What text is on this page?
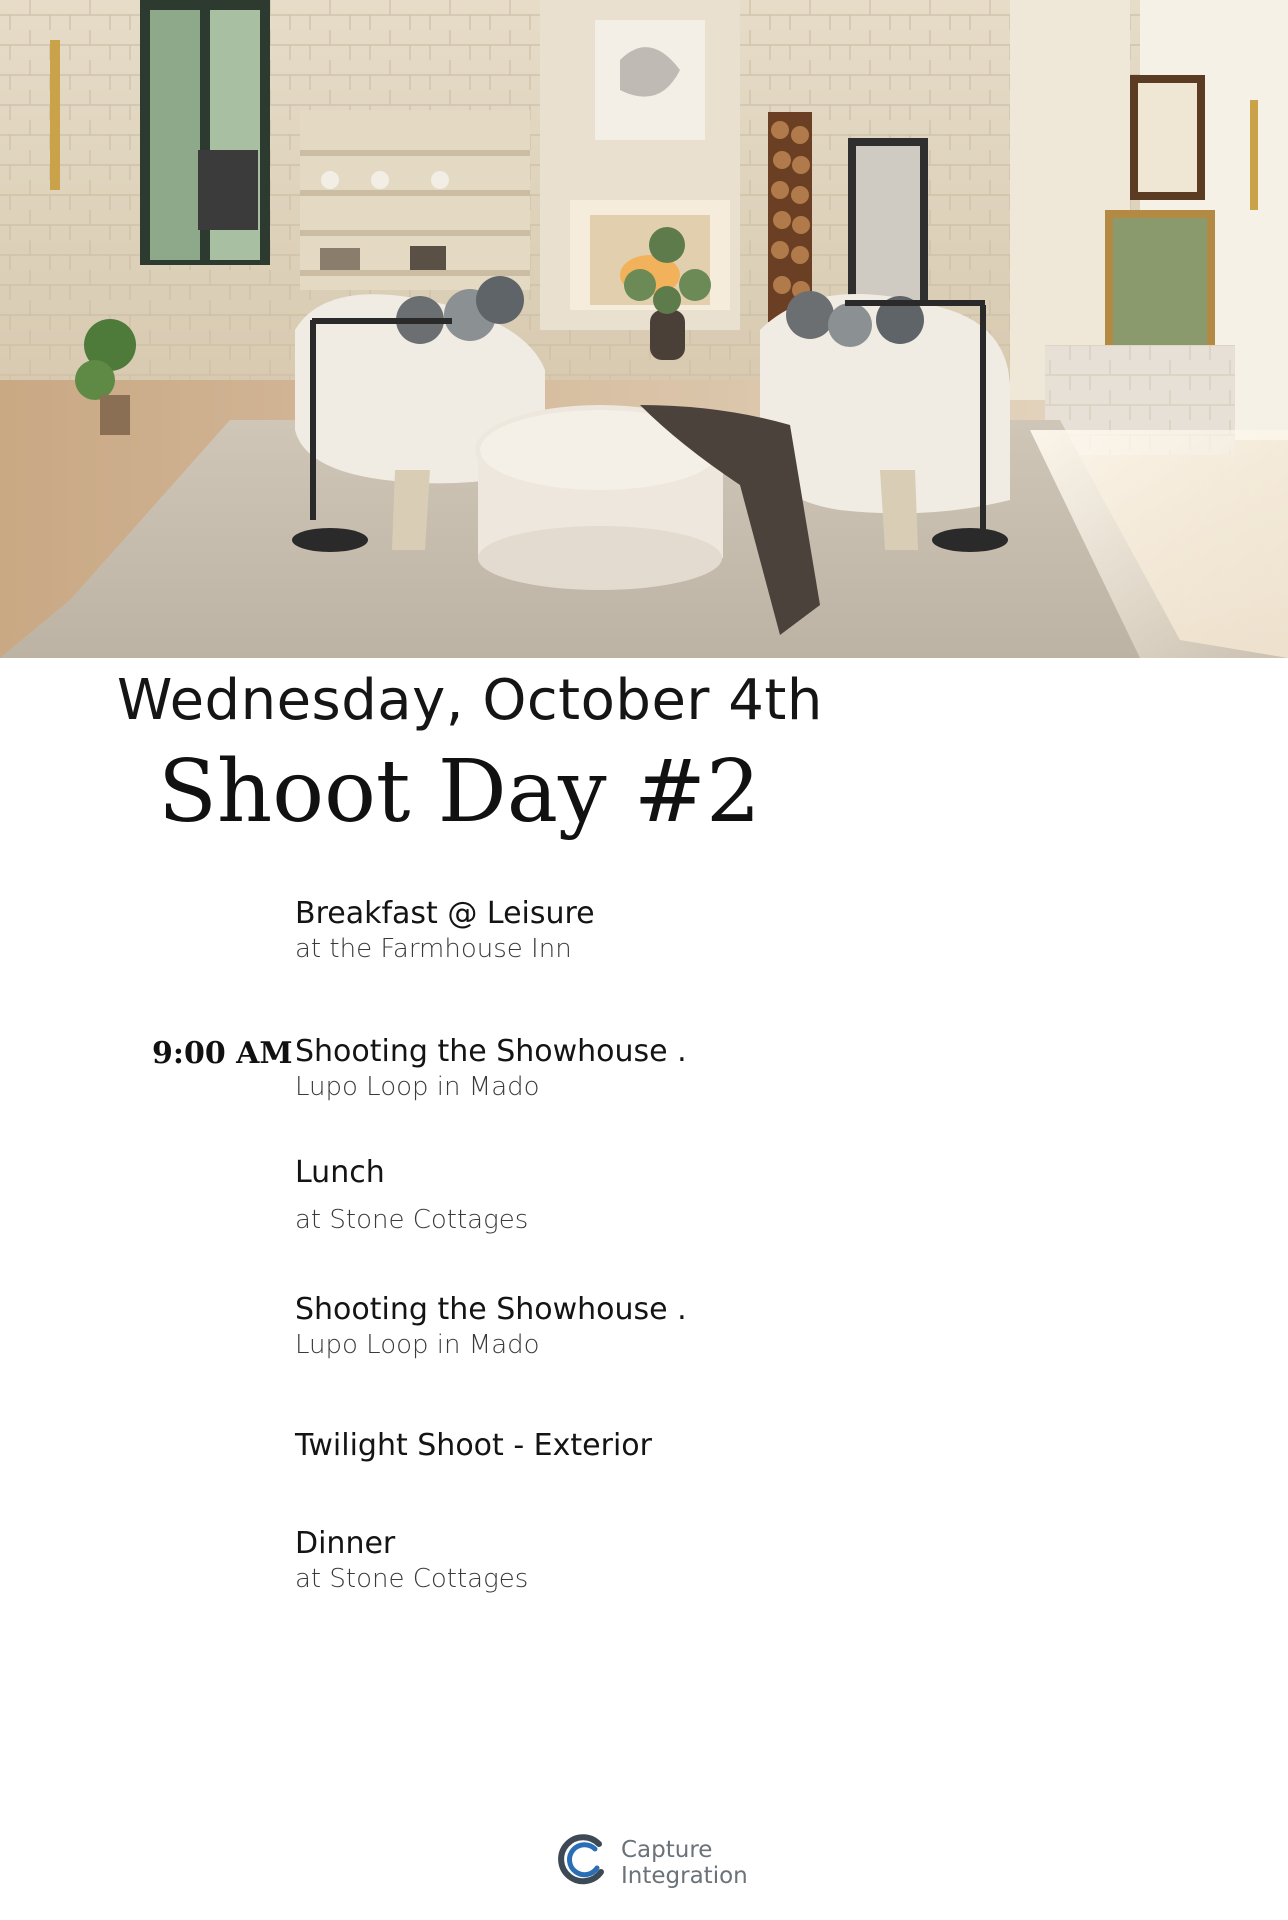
Wednesday, October 4th
Shoot Day #2
Breakfast @ Leisure
at the Farmhouse Inn
9:00 AM Shooting the Showhouse .
Lupo Loop in Mado
Lunch
at Stone Cottages
Shooting the Showhouse .
Lupo Loop in Mado
Twilight Shoot - Exterior
Dinner
at Stone Cottages
Capture
Integration
